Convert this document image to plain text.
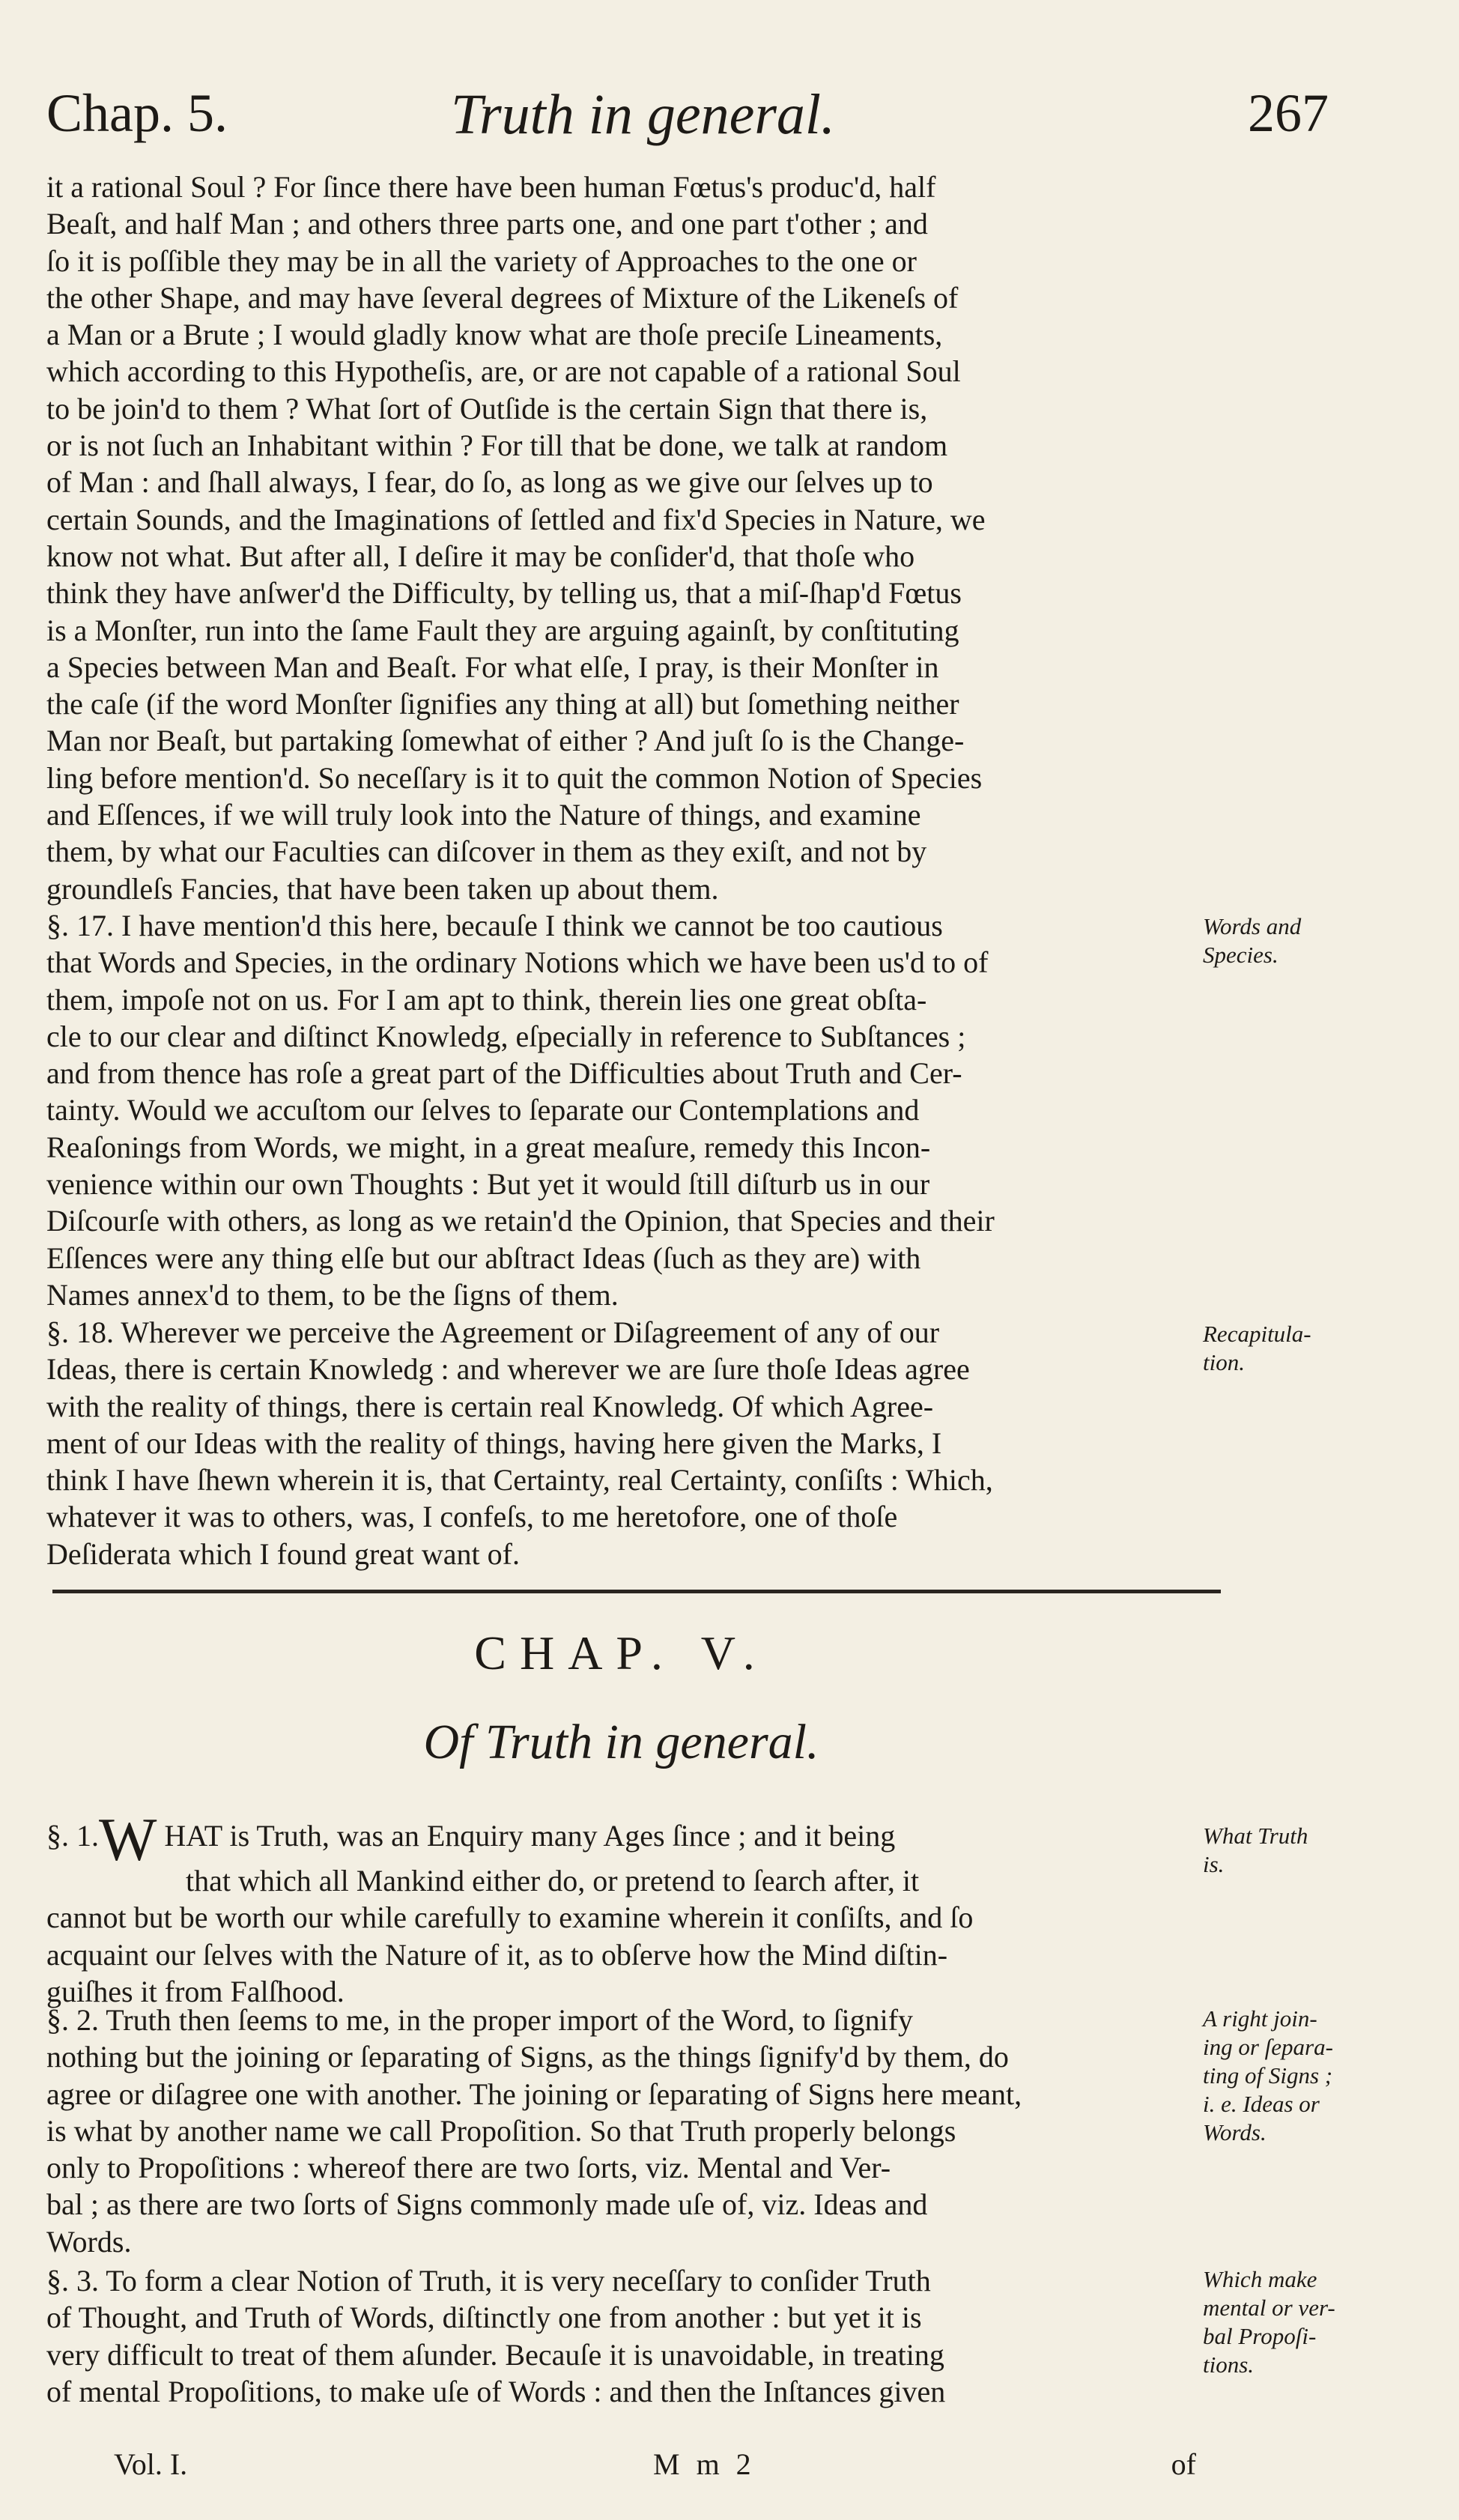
Chap. 5.	Truth in general.	267
it a rational Soul ? For ſince there have been human Fœtus's produc'd, half
Beaſt, and half Man ; and others three parts one, and one part t'other ; and
ſo it is poſſible they may be in all the variety of Approaches to the one or
the other Shape, and may have ſeveral degrees of Mixture of the Likeneſs of
a Man or a Brute ; I would gladly know what are thoſe preciſe Lineaments,
which according to this Hypotheſis, are, or are not capable of a rational Soul
to be join'd to them ? What ſort of Outſide is the certain Sign that there is,
or is not ſuch an Inhabitant within ? For till that be done, we talk at random
of Man : and ſhall always, I fear, do ſo, as long as we give our ſelves up to
certain Sounds, and the Imaginations of ſettled and fix'd Species in Nature, we
know not what. But after all, I deſire it may be conſider'd, that thoſe who
think they have anſwer'd the Difficulty, by telling us, that a miſ-ſhap'd Fœtus
is a Monſter, run into the ſame Fault they are arguing againſt, by conſtituting
a Species between Man and Beaſt. For what elſe, I pray, is their Monſter in
the caſe (if the word Monſter ſignifies any thing at all) but ſomething neither
Man nor Beaſt, but partaking ſomewhat of either ? And juſt ſo is the Change-
ling before mention'd. So neceſſary is it to quit the common Notion of Species
and Eſſences, if we will truly look into the Nature of things, and examine
them, by what our Faculties can diſcover in them as they exiſt, and not by
groundleſs Fancies, that have been taken up about them.
§. 17. I have mention'd this here, becauſe I think we cannot be too cautious
that Words and Species, in the ordinary Notions which we have been us'd to of
them, impoſe not on us. For I am apt to think, therein lies one great obſta-
cle to our clear and diſtinct Knowledg, eſpecially in reference to Subſtances ;
and from thence has roſe a great part of the Difficulties about Truth and Cer-
tainty. Would we accuſtom our ſelves to ſeparate our Contemplations and
Reaſonings from Words, we might, in a great meaſure, remedy this Incon-
venience within our own Thoughts : But yet it would ſtill diſturb us in our
Diſcourſe with others, as long as we retain'd the Opinion, that Species and their
Eſſences were any thing elſe but our abſtract Ideas (ſuch as they are) with
Names annex'd to them, to be the ſigns of them.
Words and
Species.
§. 18. Wherever we perceive the Agreement or Diſagreement of any of our
Ideas, there is certain Knowledg : and wherever we are ſure thoſe Ideas agree
with the reality of things, there is certain real Knowledg. Of which Agree-
ment of our Ideas with the reality of things, having here given the Marks, I
think I have ſhewn wherein it is, that Certainty, real Certainty, conſiſts : Which,
whatever it was to others, was, I confeſs, to me heretofore, one of thoſe
Deſiderata which I found great want of.
Recapitula-
tion.
CHAP. V.
Of Truth in general.
§. 1.W HAT is Truth, was an Enquiry many Ages ſince ; and it being
that which all Mankind either do, or pretend to ſearch after, it
cannot but be worth our while carefully to examine wherein it conſiſts, and ſo
acquaint our ſelves with the Nature of it, as to obſerve how the Mind diſtin-
guiſhes it from Falſhood.
What Truth
is.
§. 2. Truth then ſeems to me, in the proper import of the Word, to ſignify
nothing but the joining or ſeparating of Signs, as the things ſignify'd by them, do
agree or diſagree one with another. The joining or ſeparating of Signs here meant,
is what by another name we call Propoſition. So that Truth properly belongs
only to Propoſitions : whereof there are two ſorts, viz. Mental and Ver-
bal ; as there are two ſorts of Signs commonly made uſe of, viz. Ideas and
Words.
A right join-
ing or ſepara-
ting of Signs ;
i. e. Ideas or
Words.
§. 3. To form a clear Notion of Truth, it is very neceſſary to conſider Truth
of Thought, and Truth of Words, diſtinctly one from another : but yet it is
very difficult to treat of them aſunder. Becauſe it is unavoidable, in treating
of mental Propoſitions, to make uſe of Words : and then the Inſtances given
Which make
mental or ver-
bal Propoſi-
tions.
Vol. I.	M m 2	of
